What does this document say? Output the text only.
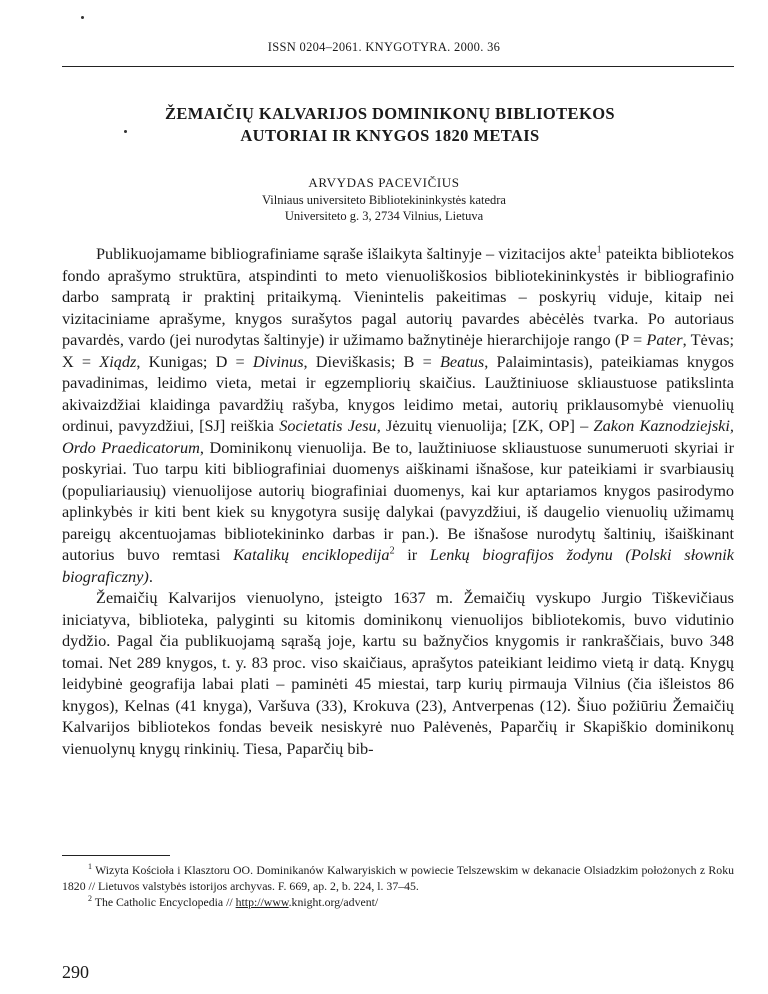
ISSN 0204–2061. KNYGOTYRA. 2000. 36
ŽEMAIČIŲ KALVARIJOS DOMINIKONŲ BIBLIOTEKOS
AUTORIAI IR KNYGOS 1820 METAIS
ARVYDAS PACEVIČIUS
Vilniaus universiteto Bibliotekininkystės katedra
Universiteto g. 3, 2734 Vilnius, Lietuva

Publikuojamame bibliografiniame sąraše išlaikyta šaltinyje – vizitacijos akte$^1$ pateikta bibliotekos fondo aprašymo struktūra, atspindinti to meto vienuoliškosios bibliotekininkystės ir bibliografinio darbo sampratą ir praktinį pritaikymą. Vienintelis pakeitimas – poskyrių viduje, kitaip nei vizitaciniame aprašyme, knygos surašytos pagal autorių pavardes abėcėlės tvarka. Po autoriaus pavardės, vardo (jei nurodytas šaltinyje) ir užimamo bažnytinėje hierarchijoje rango (P = Pater, Tėvas; X = Xiądz, Kunigas; D = Divinus, Dieviškasis; B = Beatus, Palaimintasis), pateikiamas knygos pavadinimas, leidimo vieta, metai ir egzempliorių skaičius. Laužtiniuose skliaustuose patikslinta akivaizdžiai klaidinga pavardžių rašyba, knygos leidimo metai, autorių priklausomybė vienuolių ordinui, pavyzdžiui, [SJ] reiškia Societatis Jesu, Jėzuitų vienuolija; [ZK, OP] – Zakon Kaznodziejski, Ordo Praedicatorum, Dominikonų vienuolija. Be to, laužtiniuose skliaustuose sunumeruoti skyriai ir poskyriai. Tuo tarpu kiti bibliografiniai duomenys aiškinami išnašose, kur pateikiami ir svarbiausių (populiariausių) vienuolijose autorių biografiniai duomenys, kai kur aptariamos knygos pasirodymo aplinkybės ir kiti bent kiek su knygotyra susiję dalykai (pavyzdžiui, iš daugelio vienuolių užimamų pareigų akcentuojamas bibliotekininko darbas ir pan.). Be išnašose nurodytų šaltinių, išaiškinant autorius buvo remtasi Katalikų enciklopedija$^2$ ir Lenkų biografijos žodynu (Polski słownik biograficzny).

Žemaičių Kalvarijos vienuolyno, įsteigto 1637 m. Žemaičių vyskupo Jurgio Tiškevičiaus iniciatyva, biblioteka, palyginti su kitomis dominikonų vienuolijos bibliotekomis, buvo vidutinio dydžio. Pagal čia publikuojamą sąrašą joje, kartu su bažnyčios knygomis ir rankraščiais, buvo 348 tomai. Net 289 knygos, t. y. 83 proc. viso skaičiaus, aprašytos pateikiant leidimo vietą ir datą. Knygų leidybinė geografija labai plati – paminėti 45 miestai, tarp kurių pirmauja Vilnius (čia išleistos 86 knygos), Kelnas (41 knyga), Varšuva (33), Krokuva (23), Antverpenas (12). Šiuo požiūriu Žemaičių Kalvarijos bibliotekos fondas beveik nesiskyrė nuo Palėvenės, Paparčių ir Skapiškio dominikonų vienuolynų knygų rinkinių. Tiesa, Paparčių bib-

$^1$ Wizyta Kościoła i Klasztoru OO. Dominikanów Kalwaryiskich w powiecie Telszewskim w dekanacie Olsiadzkim położonych z Roku 1820 // Lietuvos valstybės istorijos archyvas. F. 669, ap. 2, b. 224, l. 37–45.

$^2$ The Catholic Encyclopedia // http://www.knight.org/advent/

290
